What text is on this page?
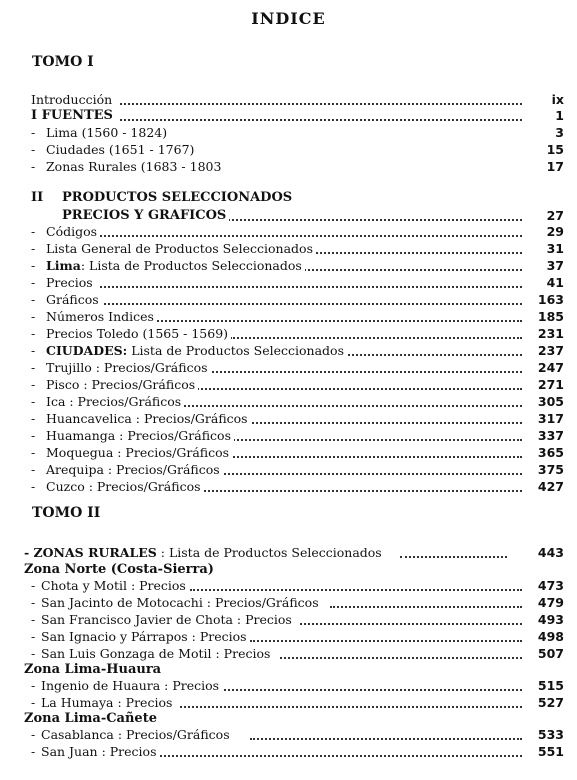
INDICE
TOMO I
Introducción	ix
I FUENTES	1
- Lima (1560 - 1824)	3
- Ciudades (1651 - 1767)	15
- Zonas Rurales (1683 - 1803	17
II PRODUCTOS SELECCIONADOS
PRECIOS Y GRAFICOS	27
- Códigos	29
- Lista General de Productos Seleccionados	31
- Lima: Lista de Productos Seleccionados	37
- Precios	41
- Gráficos	163
- Números Indices	185
- Precios Toledo (1565 - 1569)	231
- CIUDADES: Lista de Productos Seleccionados	237
- Trujillo : Precios/Gráficos	247
- Pisco : Precios/Gráficos	271
- Ica : Precios/Gráficos	305
- Huancavelica : Precios/Gráficos	317
- Huamanga : Precios/Gráficos	337
- Moquegua : Precios/Gráficos	365
- Arequipa : Precios/Gráficos	375
- Cuzco : Precios/Gráficos	427
TOMO II
- ZONAS RURALES : Lista de Productos Seleccionados	443
Zona Norte (Costa-Sierra)
- Chota y Motil : Precios	473
- San Jacinto de Motocachi : Precios/Gráficos	479
- San Francisco Javier de Chota : Precios	493
- San Ignacio y Párrapos : Precios	498
- San Luis Gonzaga de Motil : Precios	507
Zona Lima-Huaura
- Ingenio de Huaura : Precios	515
- La Humaya : Precios	527
Zona Lima-Cañete
- Casablanca : Precios/Gráficos	533
- San Juan : Precios	551
